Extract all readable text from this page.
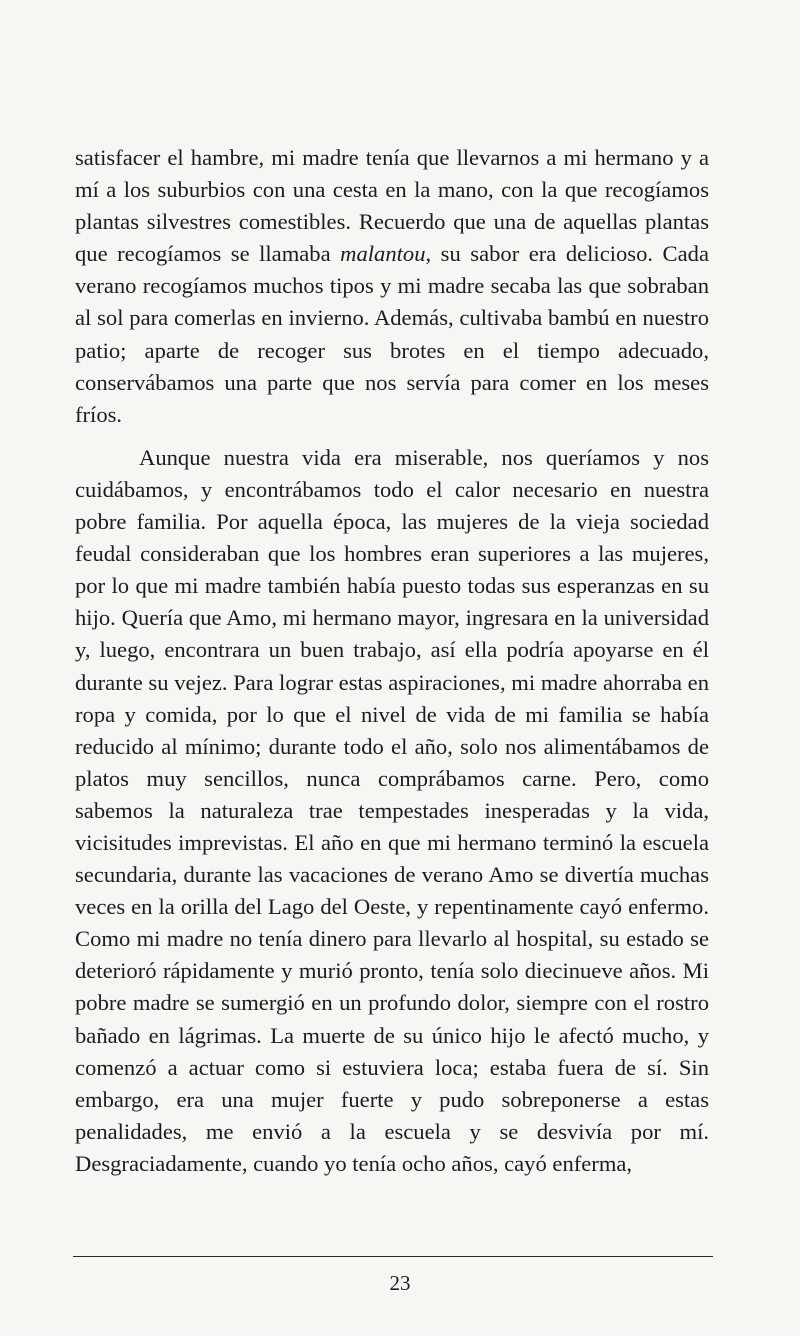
satisfacer el hambre, mi madre tenía que llevarnos a mi hermano y a mí a los suburbios con una cesta en la mano, con la que recogíamos plantas silvestres comestibles. Recuerdo que una de aquellas plantas que recogíamos se llamaba malantou, su sabor era delicioso. Cada verano recogíamos muchos tipos y mi madre secaba las que sobraban al sol para comerlas en invierno. Además, cultivaba bambú en nuestro patio; aparte de recoger sus brotes en el tiempo adecuado, conservábamos una parte que nos servía para comer en los meses fríos.

Aunque nuestra vida era miserable, nos queríamos y nos cuidábamos, y encontrábamos todo el calor necesario en nuestra pobre familia. Por aquella época, las mujeres de la vieja sociedad feudal consideraban que los hombres eran superiores a las mujeres, por lo que mi madre también había puesto todas sus esperanzas en su hijo. Quería que Amo, mi hermano mayor, ingresara en la universidad y, luego, encontrara un buen trabajo, así ella podría apoyarse en él durante su vejez. Para lograr estas aspiraciones, mi madre ahorraba en ropa y comida, por lo que el nivel de vida de mi familia se había reducido al mínimo; durante todo el año, solo nos alimentábamos de platos muy sencillos, nunca comprábamos carne. Pero, como sabemos la naturaleza trae tempestades inesperadas y la vida, vicisitudes imprevistas. El año en que mi hermano terminó la escuela secundaria, durante las vacaciones de verano Amo se divertía muchas veces en la orilla del Lago del Oeste, y repentinamente cayó enfermo. Como mi madre no tenía dinero para llevarlo al hospital, su estado se deterioró rápidamente y murió pronto, tenía solo diecinueve años. Mi pobre madre se sumergió en un profundo dolor, siempre con el rostro bañado en lágrimas. La muerte de su único hijo le afectó mucho, y comenzó a actuar como si estuviera loca; estaba fuera de sí. Sin embargo, era una mujer fuerte y pudo sobreponerse a estas penalidades, me envió a la escuela y se desvivía por mí. Desgraciadamente, cuando yo tenía ocho años, cayó enferma,

23
